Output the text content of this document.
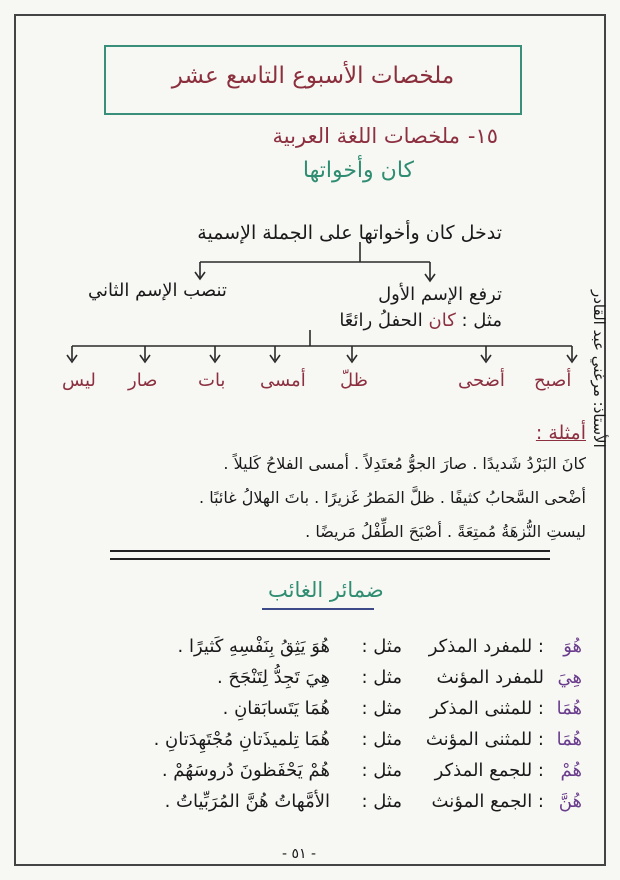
ملخصات الأسبوع التاسع عشر
١٥-
ملخصات اللغة العربية
كان وأخواتها
تدخل كان وأخواتها على الجملة الإسمية
تنصب الإسم الثاني	ترفع الإسم الأول
مثل : كان الحفلُ رائعًا
أصبح
أضحى
ظلّ
أمسى
بات
صار
ليس
أمثلة :
كانَ البَرْدُ شَديدًا . صارَ الجوُّ مُعتَدِلاً . أمسى الفلاحُ كَليلاً .
أضْحى السَّحابُ كثيفًا . ظلَّ المَطرُ غَزيرًا . باتَ الهلالُ غائبًا .
ليستِ النُّزهَةُ مُمتِعَةً . أصْبَحَ الطِّفْلُ مَريضًا .
ضمائر الغائب
هُوَ
: للمفرد المذكر
مثل :
هُوَ يَثِقُ بِنَفْسِهِ كَثيرًا .
هِيَ
للمفرد المؤنث
مثل :
هِيَ تَجِدُّ لِتَنْجَحَ .
هُمَا
: للمثنى المذكر
مثل :
هُمَا يَتَسابَقانِ .
هُمَا
: للمثنى المؤنث
مثل :
هُمَا تِلميذَتانِ مُجْتَهِدَتانِ .
هُمْ
: للجمع المذكر
مثل :
هُمْ يَحْفَظونَ دُروسَهُمْ .
هُنَّ
: الجمع المؤنث
مثل :
الأمَّهاتُ هُنَّ المُرَبِّياتُ .
الأستاذ: مرغني عبد القادر
- ٥١ -
